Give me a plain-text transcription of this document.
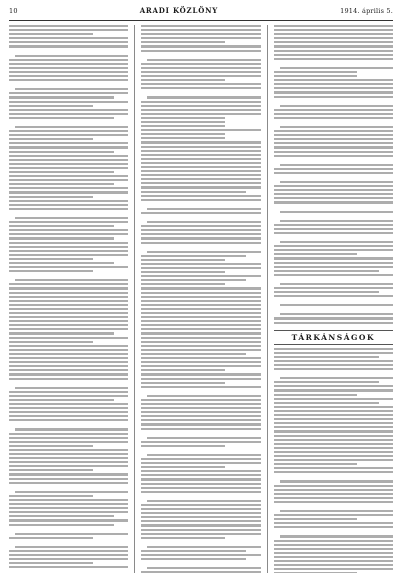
10	ARADI KÖZLÖNY	1914. április 5.
TÁRKÁNSÁGOK
